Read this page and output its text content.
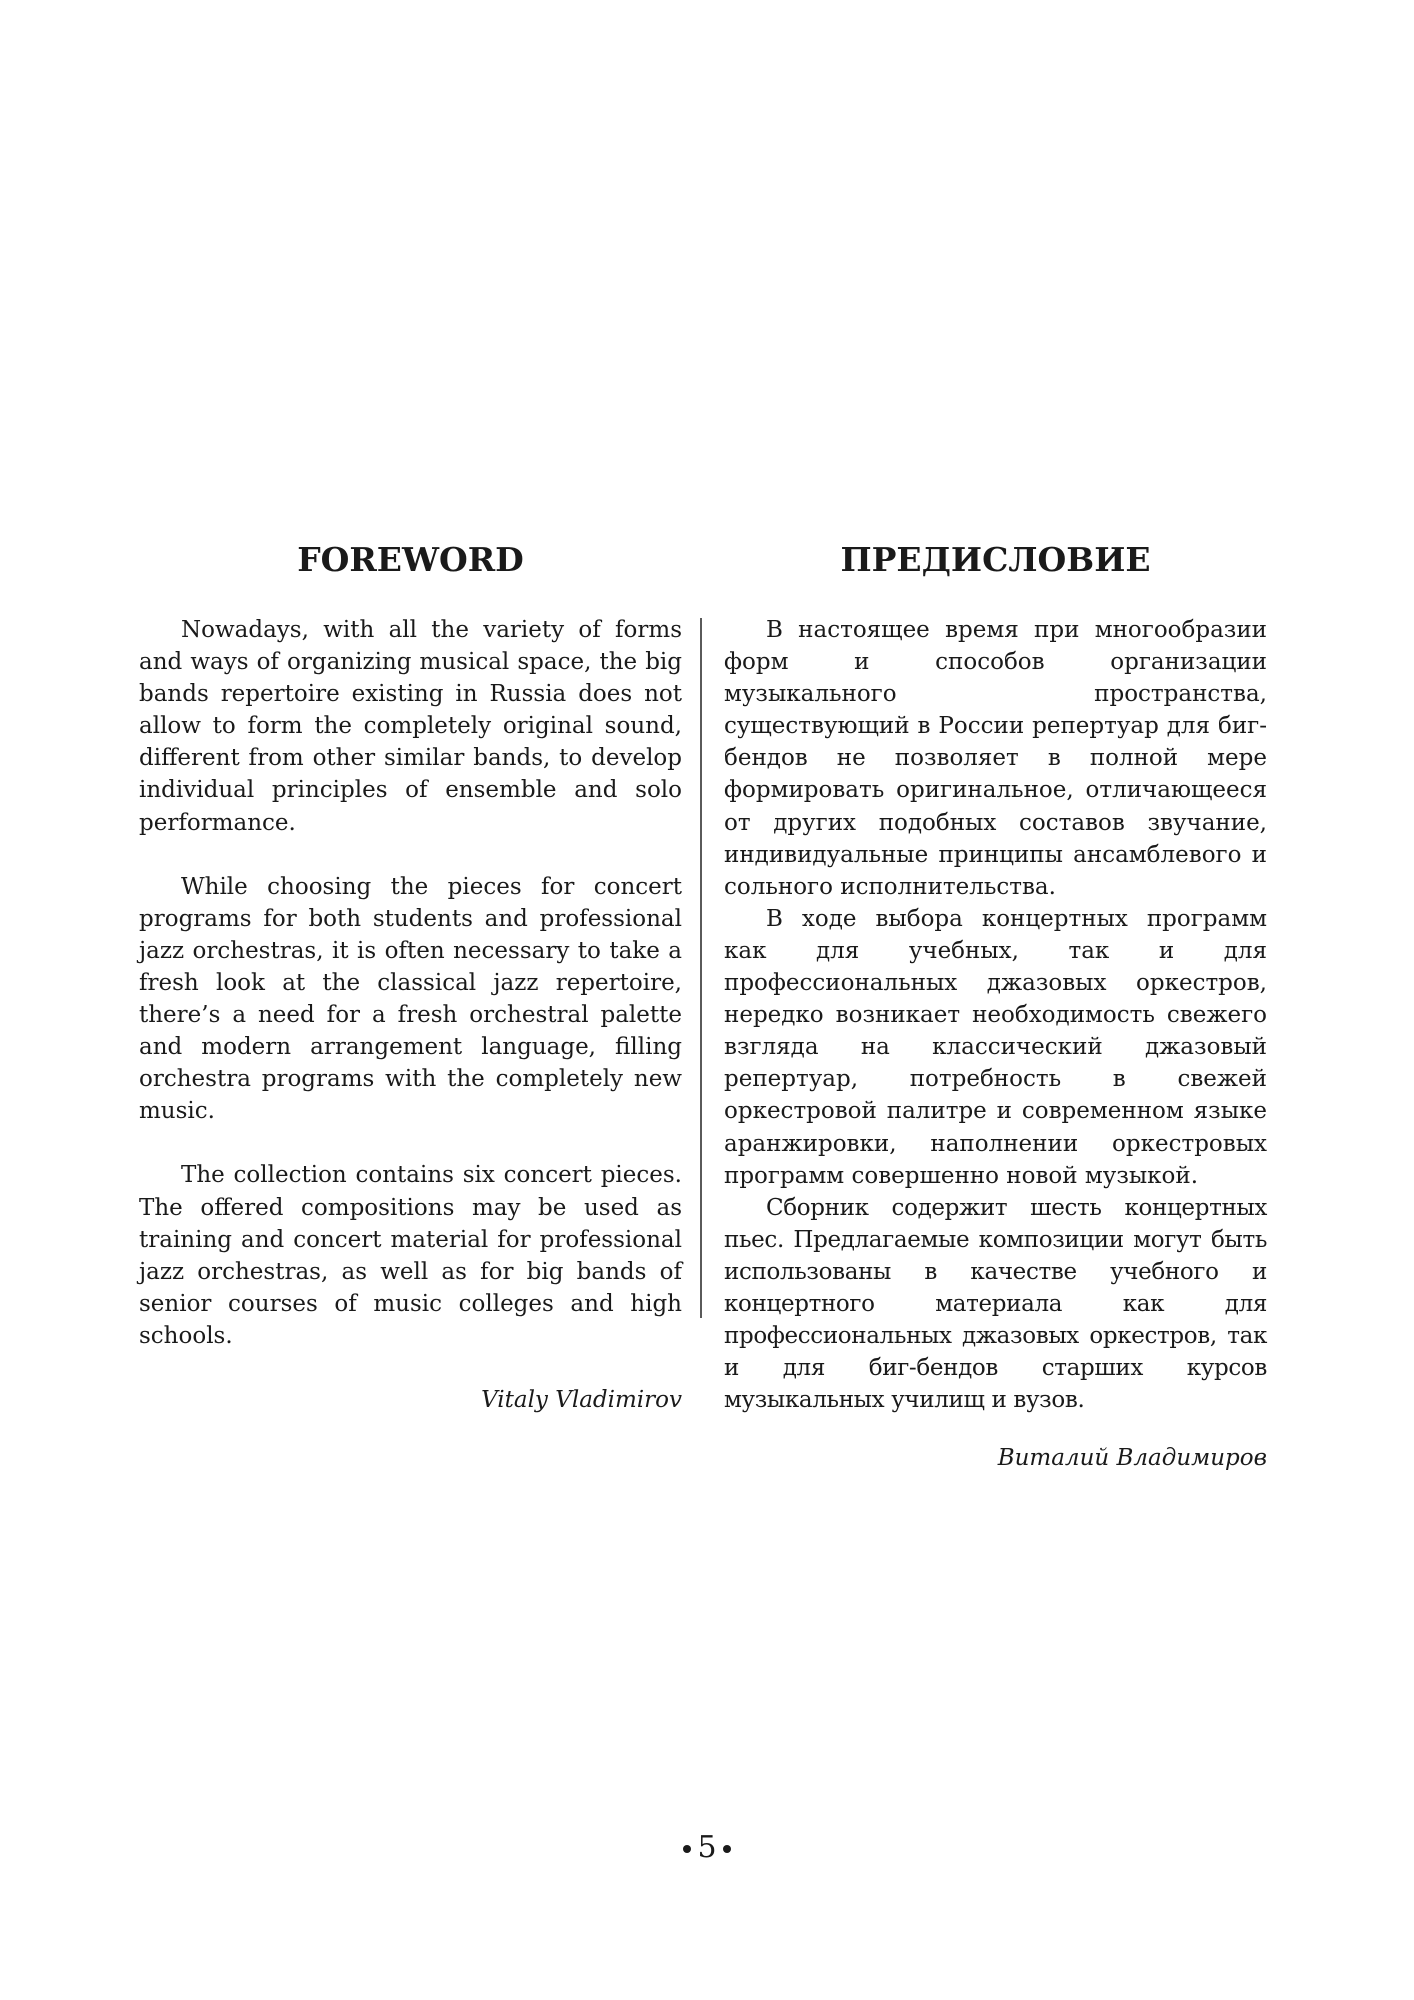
FOREWORD

Nowadays, with all the variety of forms and ways of organizing musical space, the big bands repertoire existing in Russia does not allow to form the completely original sound, different from other similar bands, to develop individual principles of ensemble and solo performance.

While choosing the pieces for concert programs for both students and professional jazz orchestras, it is often necessary to take a fresh look at the classical jazz repertoire, there’s a need for a fresh orchestral palette and modern arrangement language, filling orchestra programs with the completely new music.

The collection contains six concert pieces. The offered compositions may be used as training and concert material for professional jazz orchestras, as well as for big bands of senior courses of music colleges and high schools.

Vitaly Vladimirov
ПРЕДИСЛОВИЕ

В настоящее время при многообразии форм и способов организации музыкального пространства, существующий в России репертуар для биг-бендов не позволяет в полной мере формировать оригинальное, отличающееся от других подобных составов звучание, индивидуальные принципы ансамблевого и сольного исполнительства.

В ходе выбора концертных программ как для учебных, так и для профессиональных джазовых оркестров, нередко возникает необходимость свежего взгляда на классический джазовый репертуар, потребность в свежей оркестровой палитре и современном языке аранжировки, наполнении оркестровых программ совершенно новой музыкой.

Сборник содержит шесть концертных пьес. Предлагаемые композиции могут быть использованы в качестве учебного и концертного материала как для профессиональных джазовых оркестров, так и для биг-бендов старших курсов музыкальных училищ и вузов.

Виталий Владимиров
5
